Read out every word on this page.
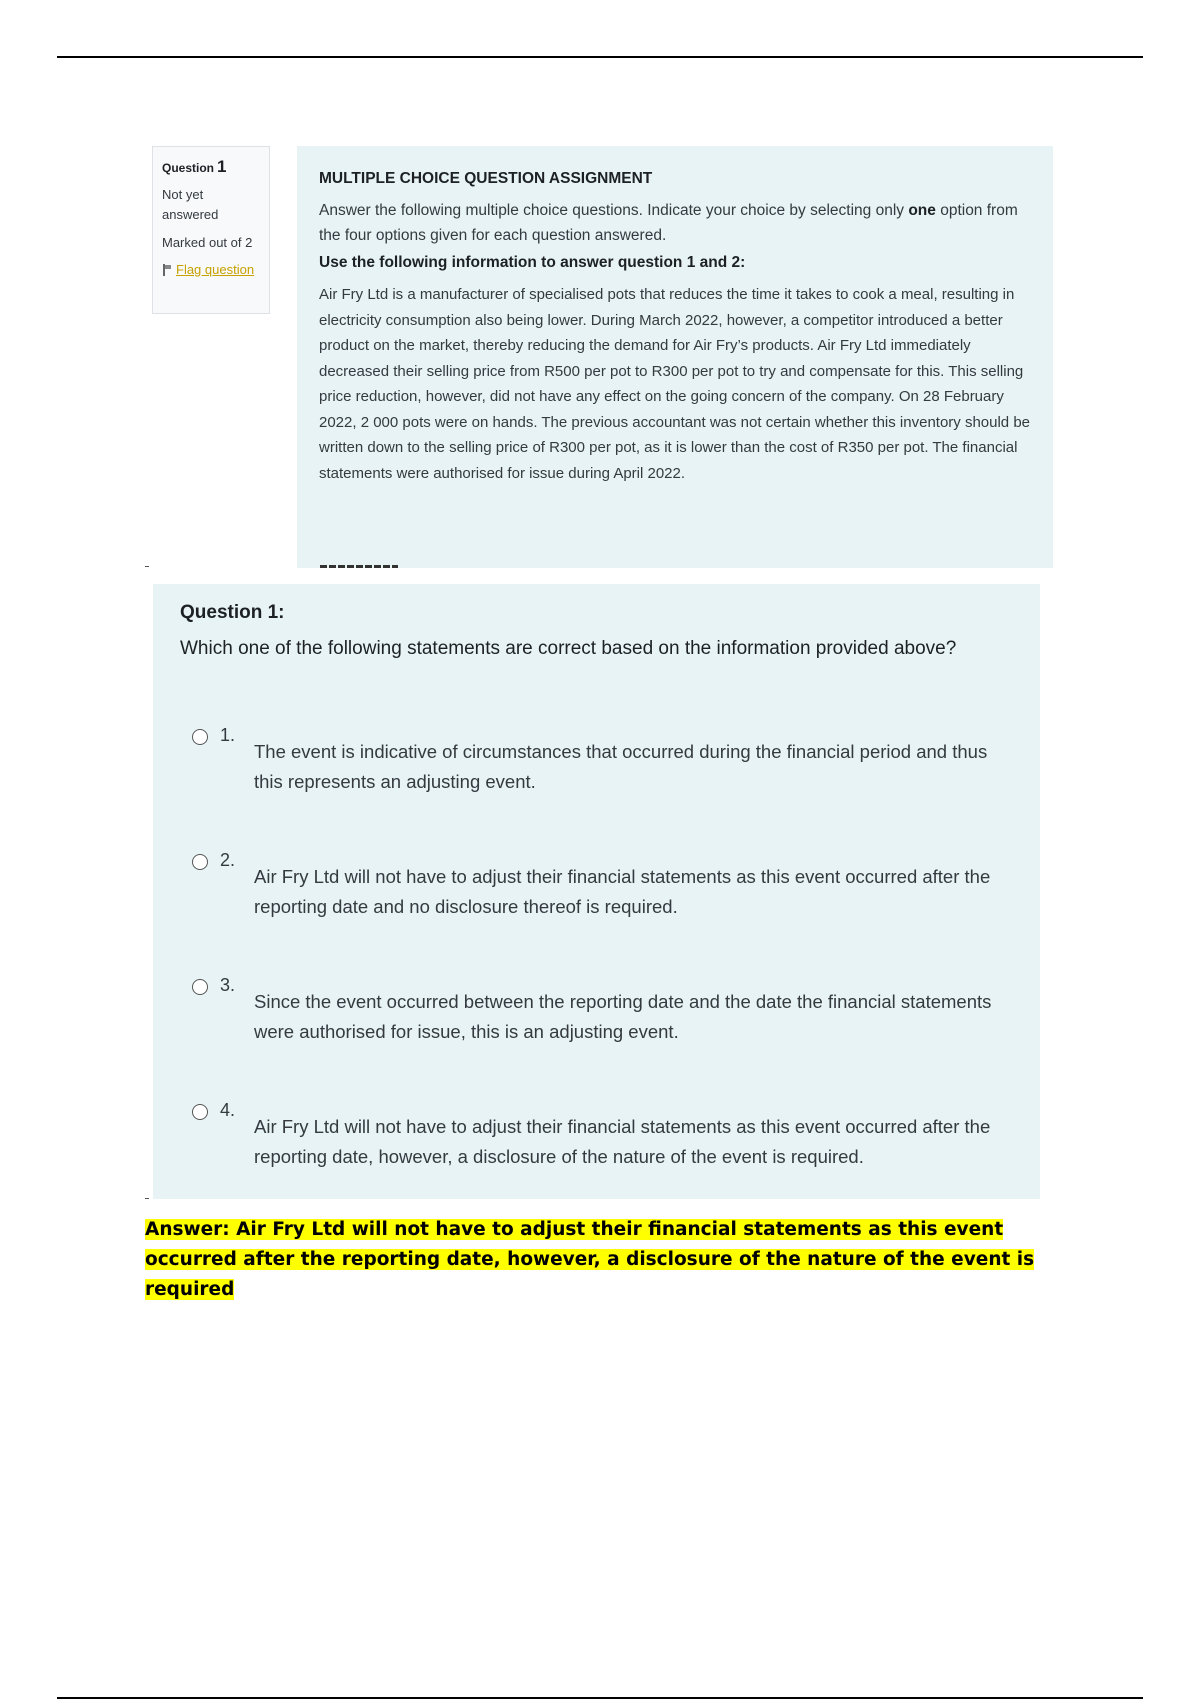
Question 1
Not yet answered
Marked out of 2
Flag question
MULTIPLE CHOICE QUESTION ASSIGNMENT
Answer the following multiple choice questions. Indicate your choice by selecting only one option from the four options given for each question answered.
Use the following information to answer question 1 and 2:
Air Fry Ltd is a manufacturer of specialised pots that reduces the time it takes to cook a meal, resulting in electricity consumption also being lower. During March 2022, however, a competitor introduced a better product on the market, thereby reducing the demand for Air Fry’s products. Air Fry Ltd immediately decreased their selling price from R500 per pot to R300 per pot to try and compensate for this. This selling price reduction, however, did not have any effect on the going concern of the company. On 28 February 2022, 2 000 pots were on hands. The previous accountant was not certain whether this inventory should be written down to the selling price of R300 per pot, as it is lower than the cost of R350 per pot. The financial statements were authorised for issue during April 2022.
Question 1:
Which one of the following statements are correct based on the information provided above?
1.
The event is indicative of circumstances that occurred during the financial period and thus this represents an adjusting event.
2.
Air Fry Ltd will not have to adjust their financial statements as this event occurred after the reporting date and no disclosure thereof is required.
3.
Since the event occurred between the reporting date and the date the financial statements were authorised for issue, this is an adjusting event.
4.
Air Fry Ltd will not have to adjust their financial statements as this event occurred after the reporting date, however, a disclosure of the nature of the event is required.
Answer: Air Fry Ltd will not have to adjust their financial statements as this event occurred after the reporting date, however, a disclosure of the nature of the event is required
